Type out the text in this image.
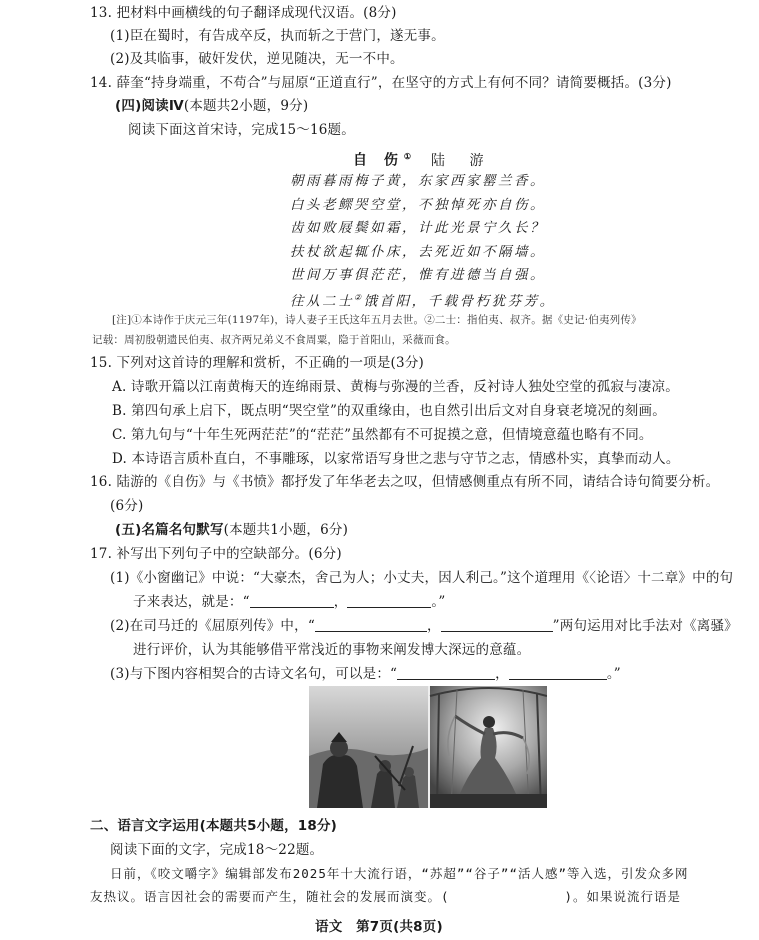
13. 把材料中画横线的句子翻译成现代汉语。(8分)
(1)臣在蜀时，有告成卒反，执而斩之于营门，遂无事。
(2)及其临事，破奸发伏，逆见随决，无一不中。
14. 薛奎“持身端重，不苟合”与屈原“正道直行”，在坚守的方式上有何不同？请简要概括。(3分)
(四)阅读Ⅳ(本题共2小题，9分)
阅读下面这首宋诗，完成15～16题。
自 伤① 陆 游
朝雨暮雨梅子黄，东家西家罂兰香。
白头老鳏哭空堂，不独悼死亦自伤。
齿如败屐鬓如霜，计此光景宁久长？
扶杖欲起辄仆床，去死近如不隔墙。
世间万事俱茫茫，惟有进德当自强。
往从二士②饿首阳，千载骨朽犹芬芳。
[注]①本诗作于庆元三年(1197年)，诗人妻子王氏这年五月去世。②二士：指伯夷、叔齐。据《史记·伯夷列传》
记载：周初殷朝遗民伯夷、叔齐两兄弟义不食周粟，隐于首阳山，采薇而食。
15. 下列对这首诗的理解和赏析，不正确的一项是(3分)
A. 诗歌开篇以江南黄梅天的连绵雨景、黄梅与弥漫的兰香，反衬诗人独处空堂的孤寂与凄凉。
B. 第四句承上启下，既点明“哭空堂”的双重缘由，也自然引出后文对自身衰老境况的刻画。
C. 第九句与“十年生死两茫茫”的“茫茫”虽然都有不可捉摸之意，但情境意蕴也略有不同。
D. 本诗语言质朴直白，不事雕琢，以家常语写身世之悲与守节之志，情感朴实，真挚而动人。
16. 陆游的《自伤》与《书愤》都抒发了年华老去之叹，但情感侧重点有所不同，请结合诗句简要分析。
(6分)
(五)名篇名句默写(本题共1小题，6分)
17. 补写出下列句子中的空缺部分。(6分)
(1)《小窗幽记》中说：“大豪杰，舍己为人；小丈夫，因人利己。”这个道理用《〈论语〉十二章》中的句
子来表达，就是：“	，	。”
(2)在司马迁的《屈原列传》中，“	，	”两句运用对比手法对《离骚》
进行评价，认为其能够借平常浅近的事物来阐发博大深远的意蕴。
(3)与下图内容相契合的古诗文名句，可以是：“	，	。”
二、语言文字运用(本题共5小题，18分)
阅读下面的文字，完成18～22题。
日前，《咬文嚼字》编辑部发布2025年十大流行语，“苏超”“谷子”“活人感”等入选，引发众多网
友热议。语言因社会的需要而产生，随社会的发展而演变。(	)。如果说流行语是
语文　第7页(共8页)
